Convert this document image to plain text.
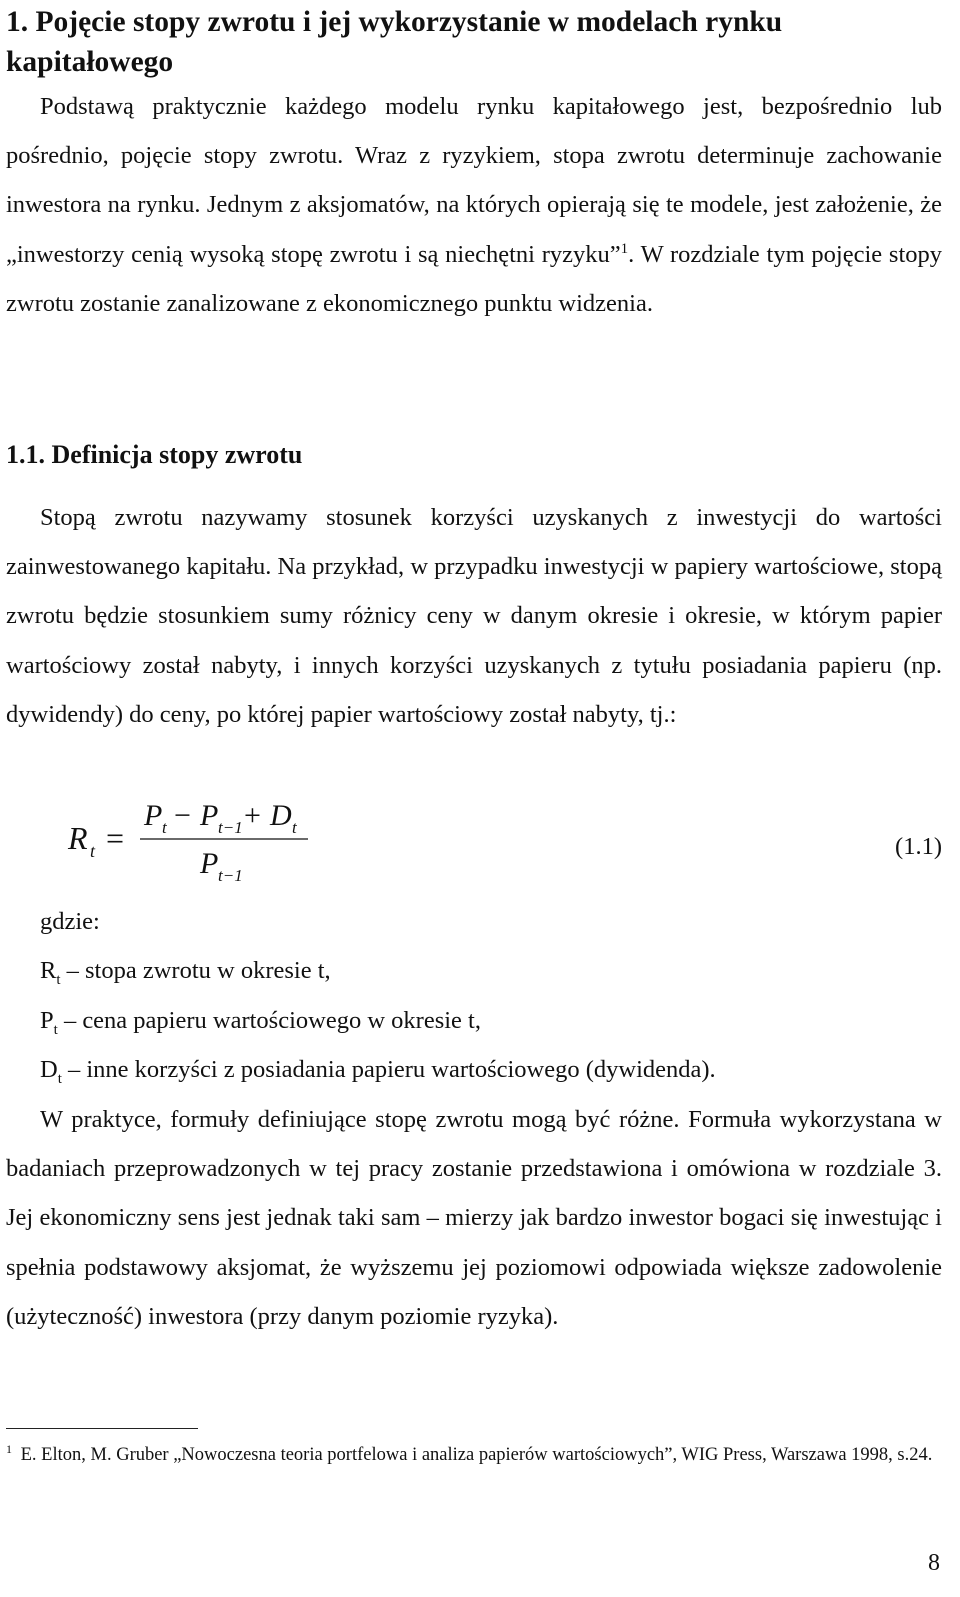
1. Pojęcie stopy zwrotu i jej wykorzystanie w modelach rynku kapitałowego
Podstawą praktycznie każdego modelu rynku kapitałowego jest, bezpośrednio lub pośrednio, pojęcie stopy zwrotu. Wraz z ryzykiem, stopa zwrotu determinuje zachowanie inwestora na rynku. Jednym z aksjomatów, na których opierają się te modele, jest założenie, że „inwestorzy cenią wysoką stopę zwrotu i są niechętni ryzyku”$^1$. W rozdziale tym pojęcie stopy zwrotu zostanie zanalizowane z ekonomicznego punktu widzenia.
1.1. Definicja stopy zwrotu
Stopą zwrotu nazywamy stosunek korzyści uzyskanych z inwestycji do wartości zainwestowanego kapitału. Na przykład, w przypadku inwestycji w papiery wartościowe, stopą zwrotu będzie stosunkiem sumy różnicy ceny w danym okresie i okresie, w którym papier wartościowy został nabyty, i innych korzyści uzyskanych z tytułu posiadania papieru (np. dywidendy) do ceny, po której papier wartościowy został nabyty, tj.:
R t =
P t − P t−1 + D t
P t−1
(1.1)
gdzie:
$R_t$ – stopa zwrotu w okresie t,
$P_t$ – cena papieru wartościowego w okresie t,
$D_t$ – inne korzyści z posiadania papieru wartościowego (dywidenda).
W praktyce, formuły definiujące stopę zwrotu mogą być różne. Formuła wykorzystana w badaniach przeprowadzonych w tej pracy zostanie przedstawiona i omówiona w rozdziale 3. Jej ekonomiczny sens jest jednak taki sam – mierzy jak bardzo inwestor bogaci się inwestując i spełnia podstawowy aksjomat, że wyższemu jej poziomowi odpowiada większe zadowolenie (użyteczność) inwestora (przy danym poziomie ryzyka).
$^1$ E. Elton, M. Gruber „Nowoczesna teoria portfelowa i analiza papierów wartościowych”, WIG Press, Warszawa 1998, s.24.
8
